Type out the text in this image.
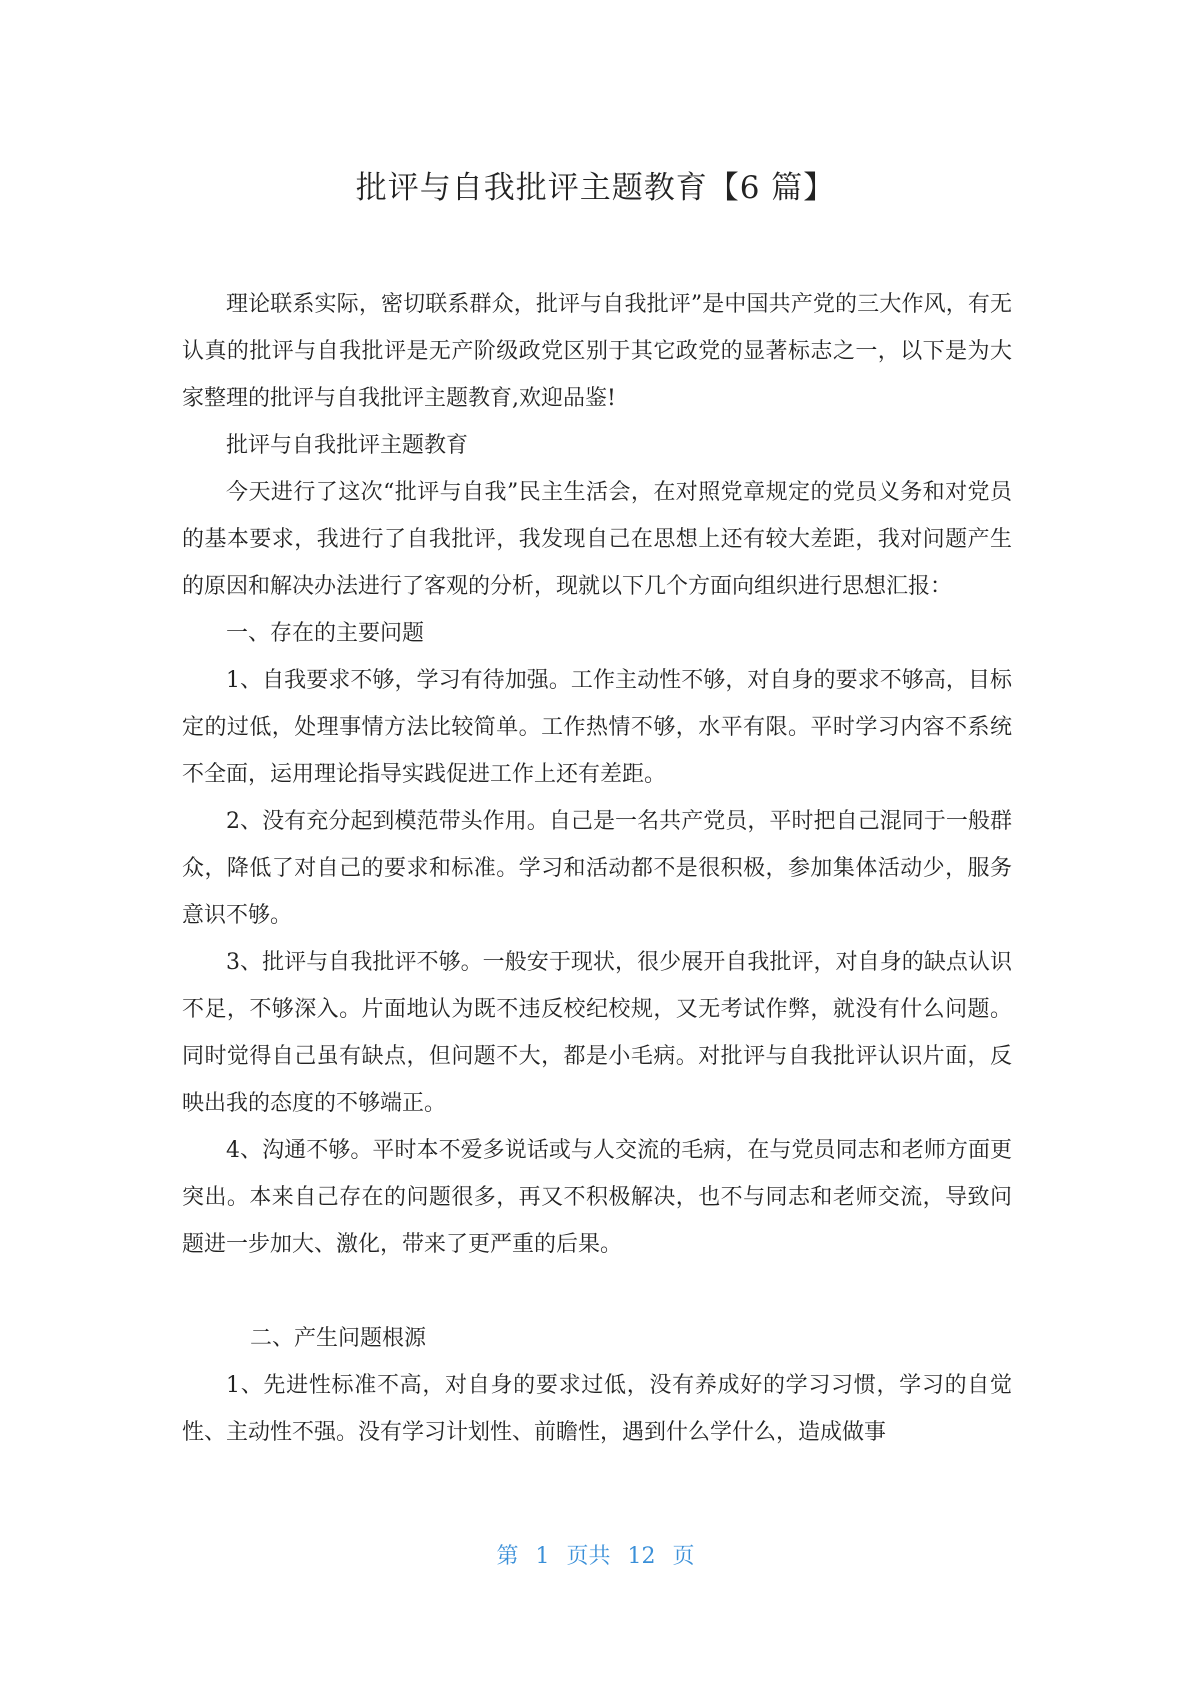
批评与自我批评主题教育【6 篇】

理论联系实际，密切联系群众，批评与自我批评”是中国共产党的三大作风，有无认真的批评与自我批评是无产阶级政党区别于其它政党的显著标志之一，以下是为大家整理的批评与自我批评主题教育,欢迎品鉴!

批评与自我批评主题教育

今天进行了这次“批评与自我”民主生活会，在对照党章规定的党员义务和对党员的基本要求，我进行了自我批评，我发现自己在思想上还有较大差距，我对问题产生的原因和解决办法进行了客观的分析，现就以下几个方面向组织进行思想汇报：

一、存在的主要问题

1、自我要求不够，学习有待加强。工作主动性不够，对自身的要求不够高，目标定的过低，处理事情方法比较简单。工作热情不够，水平有限。平时学习内容不系统不全面，运用理论指导实践促进工作上还有差距。

2、没有充分起到模范带头作用。自己是一名共产党员，平时把自己混同于一般群众，降低了对自己的要求和标准。学习和活动都不是很积极，参加集体活动少，服务意识不够。

3、批评与自我批评不够。一般安于现状，很少展开自我批评，对自身的缺点认识不足，不够深入。片面地认为既不违反校纪校规，又无考试作弊，就没有什么问题。同时觉得自己虽有缺点，但问题不大，都是小毛病。对批评与自我批评认识片面，反映出我的态度的不够端正。

4、沟通不够。平时本不爱多说话或与人交流的毛病，在与党员同志和老师方面更突出。本来自己存在的问题很多，再又不积极解决，也不与同志和老师交流，导致问题进一步加大、激化，带来了更严重的后果。

二、产生问题根源

1、先进性标准不高，对自身的要求过低，没有养成好的学习习惯，学习的自觉性、主动性不强。没有学习计划性、前瞻性，遇到什么学什么，造成做事

第 1 页共 12 页
